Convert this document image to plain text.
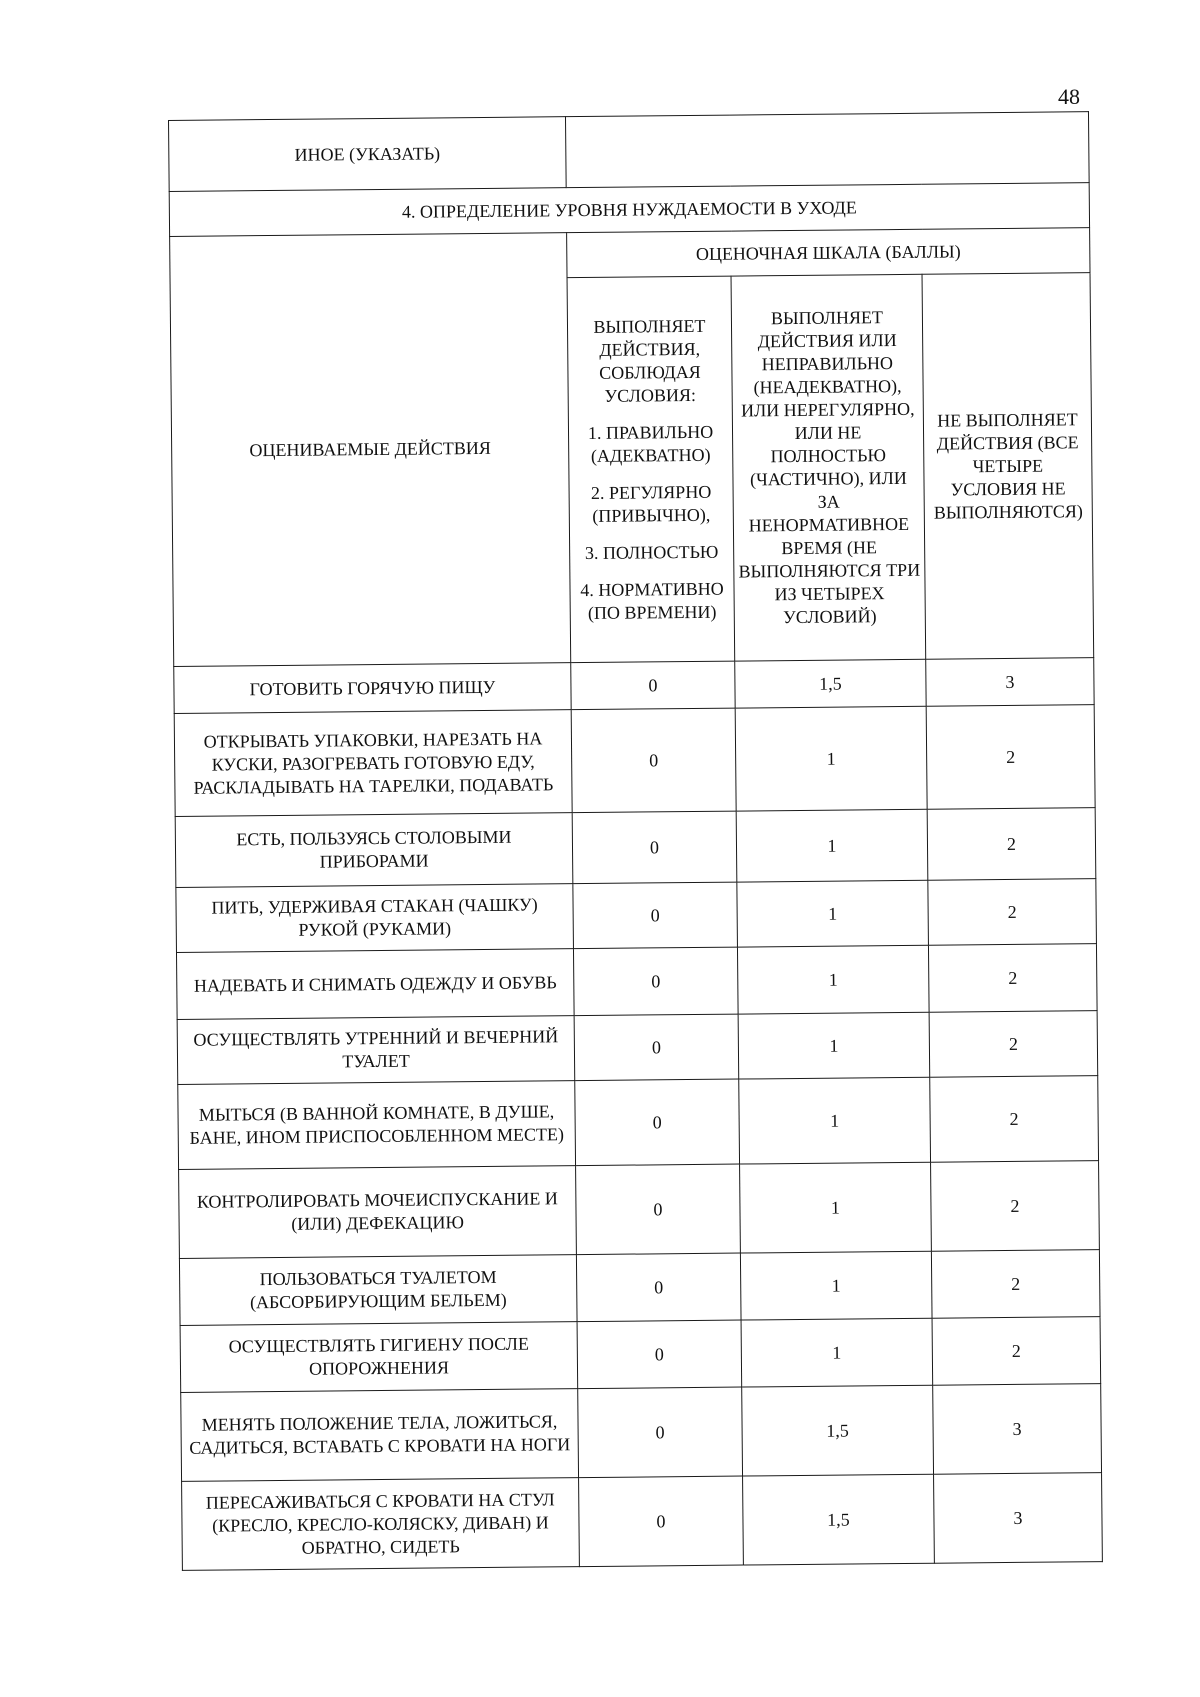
48
ИНОЕ (УКАЗАТЬ)			
4. ОПРЕДЕЛЕНИЕ УРОВНЯ НУЖДАЕМОСТИ В УХОДЕ			
ОЦЕНИВАЕМЫЕ ДЕЙСТВИЯ	ОЦЕНОЧНАЯ ШКАЛА (БАЛЛЫ)		

	ВЫПОЛНЯЕТ ДЕЙСТВИЯ, СОБЛЮДАЯ УСЛОВИЯ:
1. ПРАВИЛЬНО (АДЕКВАТНО)
2. РЕГУЛЯРНО (ПРИВЫЧНО),
3. ПОЛНОСТЬЮ
4. НОРМАТИВНО (ПО ВРЕМЕНИ)	ВЫПОЛНЯЕТ ДЕЙСТВИЯ ИЛИ НЕПРАВИЛЬНО (НЕАДЕКВАТНО), ИЛИ НЕРЕГУЛЯРНО, ИЛИ НЕ ПОЛНОСТЬЮ (ЧАСТИЧНО), ИЛИ ЗА НЕНОРМАТИВНОЕ ВРЕМЯ (НЕ ВЫПОЛНЯЮТСЯ ТРИ ИЗ ЧЕТЫРЕХ УСЛОВИЙ)	НЕ ВЫПОЛНЯЕТ ДЕЙСТВИЯ (ВСЕ ЧЕТЫРЕ УСЛОВИЯ НЕ ВЫПОЛНЯЮТСЯ)
ГОТОВИТЬ ГОРЯЧУЮ ПИЩУ	0	1,5	3
ОТКРЫВАТЬ УПАКОВКИ, НАРЕЗАТЬ НА КУСКИ, РАЗОГРЕВАТЬ ГОТОВУЮ ЕДУ, РАСКЛАДЫВАТЬ НА ТАРЕЛКИ, ПОДАВАТЬ	0	1	2
ЕСТЬ, ПОЛЬЗУЯСЬ СТОЛОВЫМИ ПРИБОРАМИ	0	1	2
ПИТЬ, УДЕРЖИВАЯ СТАКАН (ЧАШКУ) РУКОЙ (РУКАМИ)	0	1	2
НАДЕВАТЬ И СНИМАТЬ ОДЕЖДУ И ОБУВЬ	0	1	2
ОСУЩЕСТВЛЯТЬ УТРЕННИЙ И ВЕЧЕРНИЙ ТУАЛЕТ	0	1	2
МЫТЬСЯ (В ВАННОЙ КОМНАТЕ, В ДУШЕ, БАНЕ, ИНОМ ПРИСПОСОБЛЕННОМ МЕСТЕ)	0	1	2
КОНТРОЛИРОВАТЬ МОЧЕИСПУСКАНИЕ И (ИЛИ) ДЕФЕКАЦИЮ	0	1	2
ПОЛЬЗОВАТЬСЯ ТУАЛЕТОМ (АБСОРБИРУЮЩИМ БЕЛЬЕМ)	0	1	2
ОСУЩЕСТВЛЯТЬ ГИГИЕНУ ПОСЛЕ ОПОРОЖНЕНИЯ	0	1	2
МЕНЯТЬ ПОЛОЖЕНИЕ ТЕЛА, ЛОЖИТЬСЯ, САДИТЬСЯ, ВСТАВАТЬ С КРОВАТИ НА НОГИ	0	1,5	3
ПЕРЕСАЖИВАТЬСЯ С КРОВАТИ НА СТУЛ (КРЕСЛО, КРЕСЛО-КОЛЯСКУ, ДИВАН) И ОБРАТНО, СИДЕТЬ	0	1,5	3
